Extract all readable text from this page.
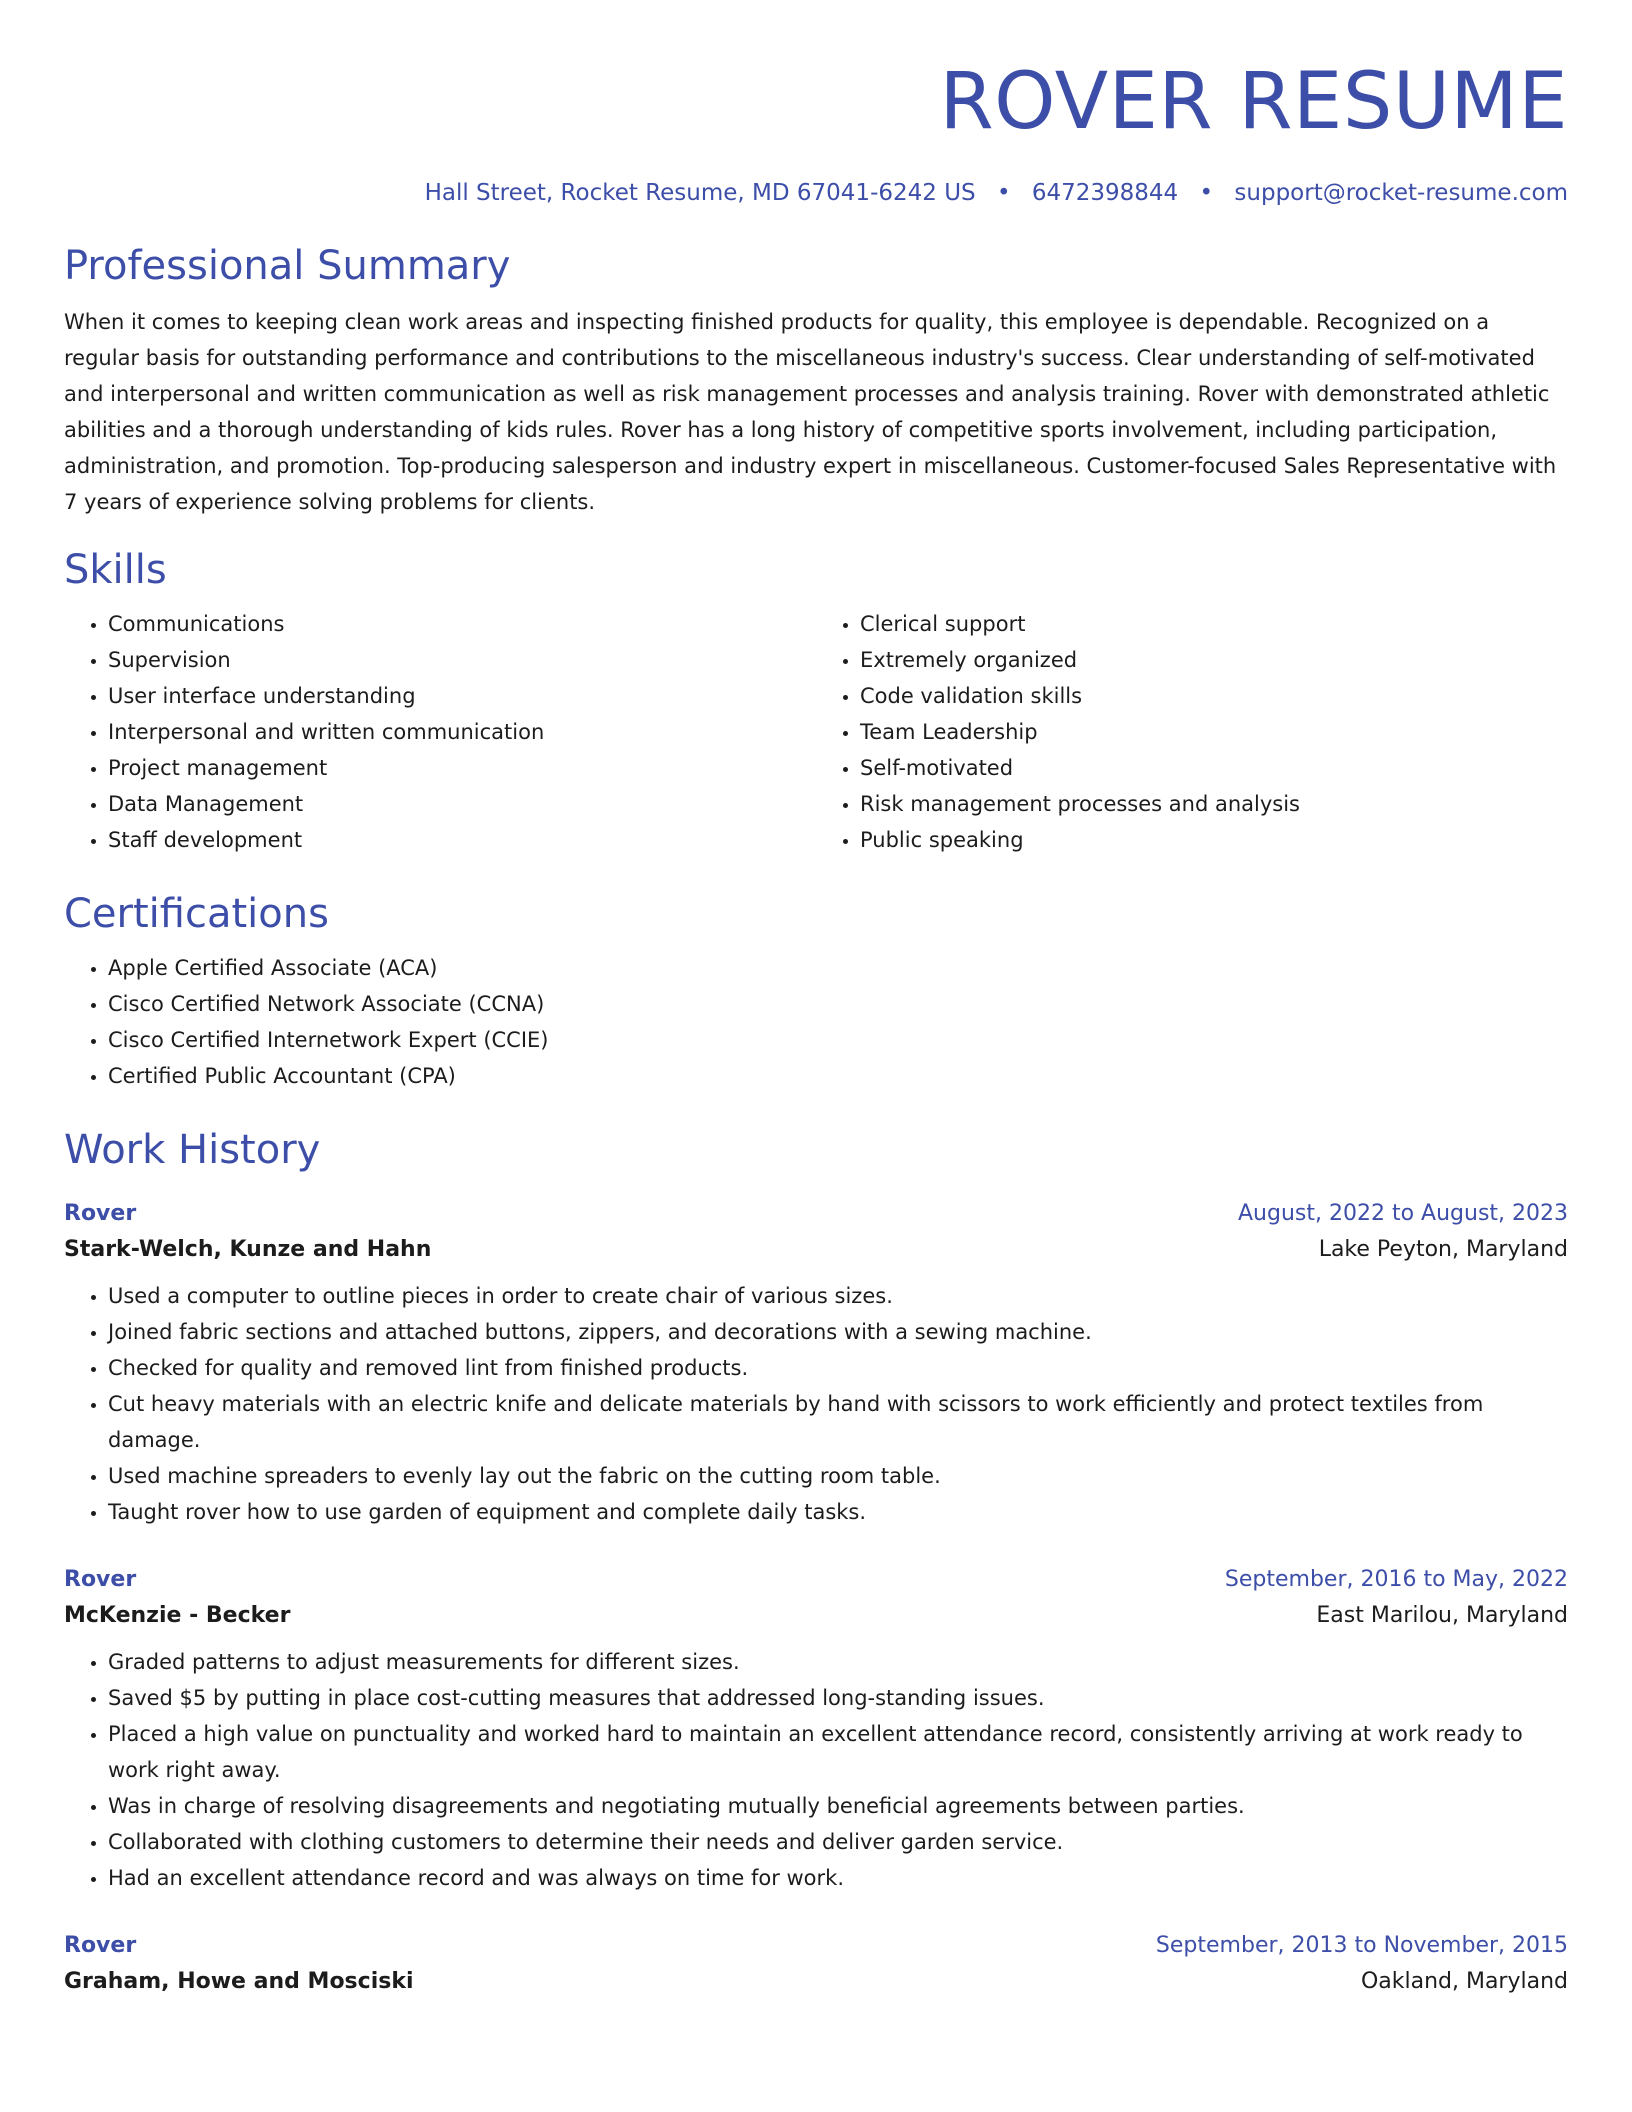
ROVER RESUME
Hall Street, Rocket Resume, MD 67041-6242 US • 6472398844 • support@rocket-resume.com
Professional Summary
When it comes to keeping clean work areas and inspecting finished products for quality, this employee is dependable. Recognized on a regular basis for outstanding performance and contributions to the miscellaneous industry's success. Clear understanding of self-motivated and interpersonal and written communication as well as risk management processes and analysis training. Rover with demonstrated athletic abilities and a thorough understanding of kids rules. Rover has a long history of competitive sports involvement, including participation, administration, and promotion. Top-producing salesperson and industry expert in miscellaneous. Customer-focused Sales Representative with 7 years of experience solving problems for clients.
Skills
• Communications
• Supervision
• User interface understanding
• Interpersonal and written communication
• Project management
• Data Management
• Staff development
• Clerical support
• Extremely organized
• Code validation skills
• Team Leadership
• Self-motivated
• Risk management processes and analysis
• Public speaking
Certifications
• Apple Certified Associate (ACA)
• Cisco Certified Network Associate (CCNA)
• Cisco Certified Internetwork Expert (CCIE)
• Certified Public Accountant (CPA)
Work History
Rover	August, 2022 to August, 2023
Stark-Welch, Kunze and Hahn	Lake Peyton, Maryland
• Used a computer to outline pieces in order to create chair of various sizes.
• Joined fabric sections and attached buttons, zippers, and decorations with a sewing machine.
• Checked for quality and removed lint from finished products.
• Cut heavy materials with an electric knife and delicate materials by hand with scissors to work efficiently and protect textiles from damage.
• Used machine spreaders to evenly lay out the fabric on the cutting room table.
• Taught rover how to use garden of equipment and complete daily tasks.
Rover	September, 2016 to May, 2022
McKenzie - Becker	East Marilou, Maryland
• Graded patterns to adjust measurements for different sizes.
• Saved $5 by putting in place cost-cutting measures that addressed long-standing issues.
• Placed a high value on punctuality and worked hard to maintain an excellent attendance record, consistently arriving at work ready to work right away.
• Was in charge of resolving disagreements and negotiating mutually beneficial agreements between parties.
• Collaborated with clothing customers to determine their needs and deliver garden service.
• Had an excellent attendance record and was always on time for work.
Rover	September, 2013 to November, 2015
Graham, Howe and Mosciski	Oakland, Maryland
